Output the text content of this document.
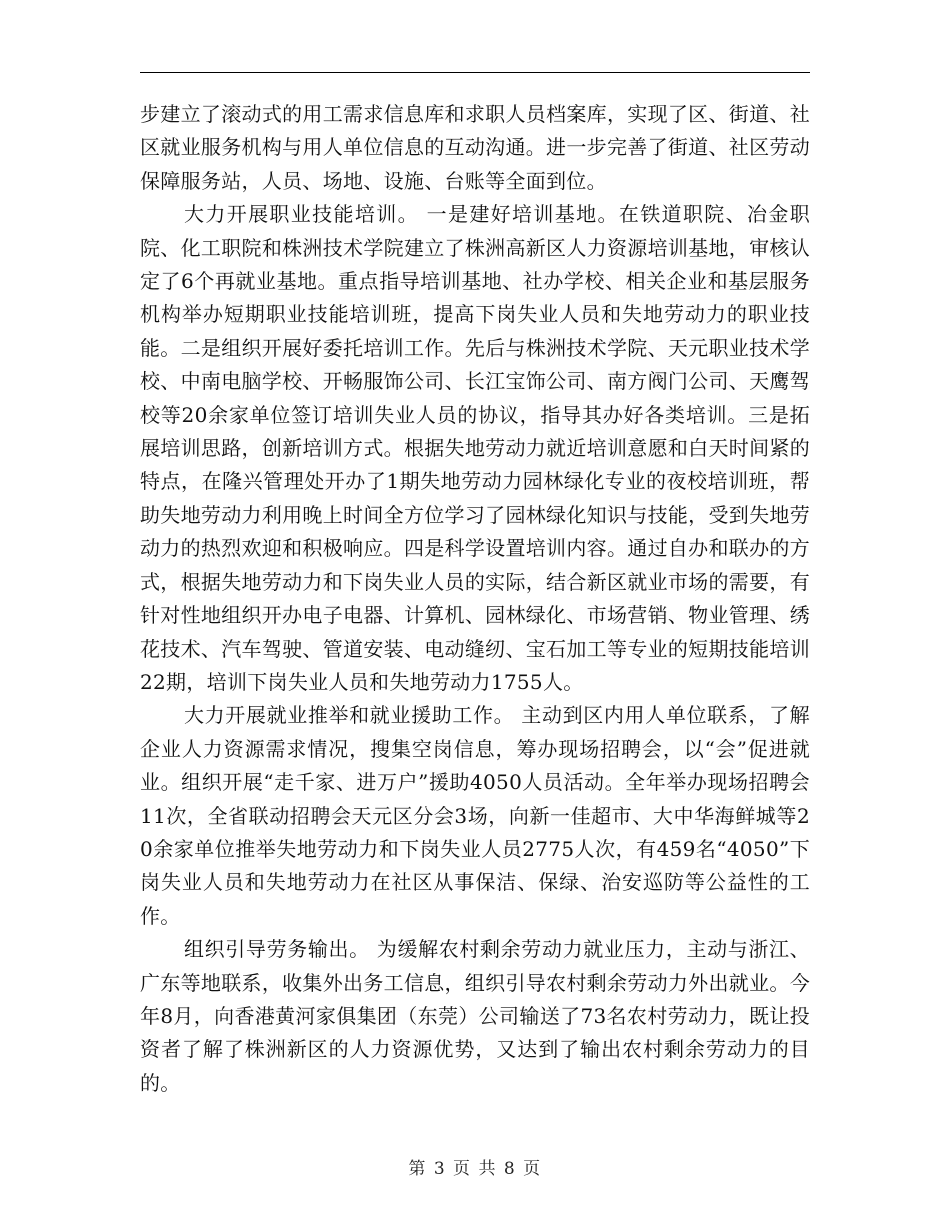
步建立了滚动式的用工需求信息库和求职人员档案库，实现了区、街道、社区就业服务机构与用人单位信息的互动沟通。进一步完善了街道、社区劳动保障服务站，人员、场地、设施、台账等全面到位。

大力开展职业技能培训。 一是建好培训基地。在铁道职院、冶金职院、化工职院和株洲技术学院建立了株洲高新区人力资源培训基地，审核认定了6个再就业基地。重点指导培训基地、社办学校、相关企业和基层服务机构举办短期职业技能培训班，提高下岗失业人员和失地劳动力的职业技能。二是组织开展好委托培训工作。先后与株洲技术学院、天元职业技术学校、中南电脑学校、开畅服饰公司、长江宝饰公司、南方阀门公司、天鹰驾校等20余家单位签订培训失业人员的协议，指导其办好各类培训。三是拓展培训思路，创新培训方式。根据失地劳动力就近培训意愿和白天时间紧的特点，在隆兴管理处开办了1期失地劳动力园林绿化专业的夜校培训班，帮助失地劳动力利用晚上时间全方位学习了园林绿化知识与技能，受到失地劳动力的热烈欢迎和积极响应。四是科学设置培训内容。通过自办和联办的方式，根据失地劳动力和下岗失业人员的实际，结合新区就业市场的需要，有针对性地组织开办电子电器、计算机、园林绿化、市场营销、物业管理、绣花技术、汽车驾驶、管道安装、电动缝纫、宝石加工等专业的短期技能培训22期，培训下岗失业人员和失地劳动力1755人。

大力开展就业推举和就业援助工作。 主动到区内用人单位联系，了解企业人力资源需求情况，搜集空岗信息，筹办现场招聘会，以“会”促进就业。组织开展“走千家、进万户”援助4050人员活动。全年举办现场招聘会11次，全省联动招聘会天元区分会3场，向新一佳超市、大中华海鲜城等20余家单位推举失地劳动力和下岗失业人员2775人次，有459名“4050”下岗失业人员和失地劳动力在社区从事保洁、保绿、治安巡防等公益性的工作。

组织引导劳务输出。 为缓解农村剩余劳动力就业压力，主动与浙江、广东等地联系，收集外出务工信息，组织引导农村剩余劳动力外出就业。今年8月，向香港黄河家俱集团（东莞）公司输送了73名农村劳动力，既让投资者了解了株洲新区的人力资源优势，又达到了输出农村剩余劳动力的目的。

第 3 页 共 8 页
